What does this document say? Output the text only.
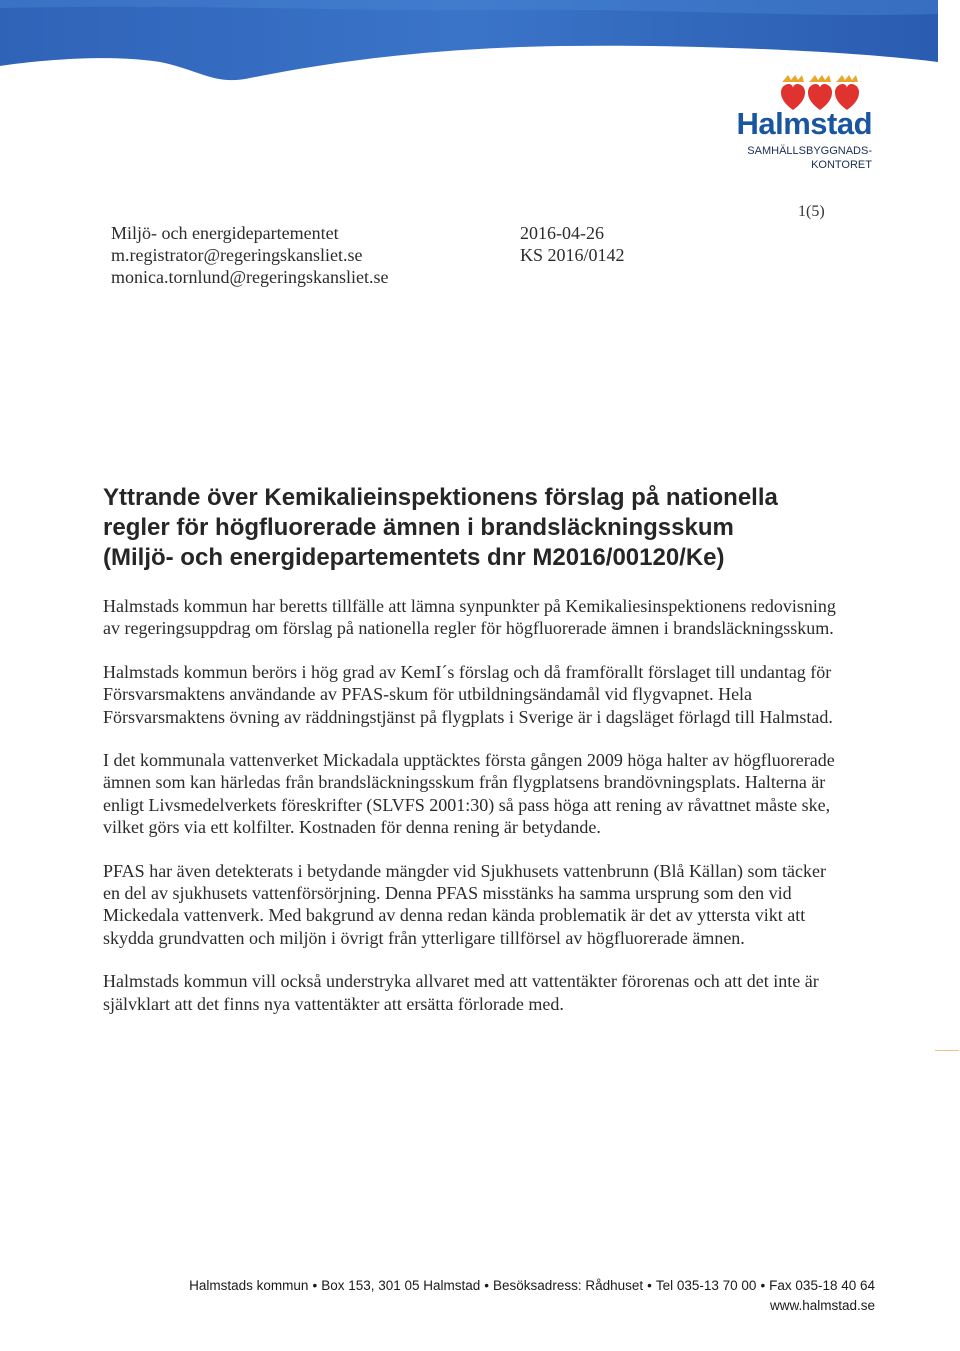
Halmstad
SAMHÄLLSBYGGNADS-
KONTORET
1(5)
Miljö- och energidepartementet
m.registrator@regeringskansliet.se
monica.tornlund@regeringskansliet.se
2016-04-26
KS 2016/0142
Yttrande över Kemikalieinspektionens förslag på nationella
regler för högfluorerade ämnen i brandsläckningsskum
(Miljö- och energidepartementets dnr M2016/00120/Ke)

Halmstads kommun har beretts tillfälle att lämna synpunkter på Kemikaliesinspektionens redovisning av regeringsuppdrag om förslag på nationella regler för högfluorerade ämnen i brandsläckningsskum.

Halmstads kommun berörs i hög grad av KemI´s förslag och då framförallt förslaget till undantag för Försvarsmaktens användande av PFAS-skum för utbildningsändamål vid flygvapnet. Hela Försvarsmaktens övning av räddningstjänst på flygplats i Sverige är i dagsläget förlagd till Halmstad.

I det kommunala vattenverket Mickadala upptäcktes första gången 2009 höga halter av högfluorerade ämnen som kan härledas från brandsläckningsskum från flygplatsens brandövningsplats. Halterna är enligt Livsmedelverkets föreskrifter (SLVFS 2001:30) så pass höga att rening av råvattnet måste ske, vilket görs via ett kolfilter. Kostnaden för denna rening är betydande.

PFAS har även detekterats i betydande mängder vid Sjukhusets vattenbrunn (Blå Källan) som täcker en del av sjukhusets vattenförsörjning. Denna PFAS misstänks ha samma ursprung som den vid Mickedala vattenverk. Med bakgrund av denna redan kända problematik är det av yttersta vikt att skydda grundvatten och miljön i övrigt från ytterligare tillförsel av högfluorerade ämnen.

Halmstads kommun vill också understryka allvaret med att vattentäkter förorenas och att det inte är självklart att det finns nya vattentäkter att ersätta förlorade med.

Halmstads kommun • Box 153, 301 05 Halmstad • Besöksadress: Rådhuset • Tel 035-13 70 00 • Fax 035-18 40 64
www.halmstad.se
